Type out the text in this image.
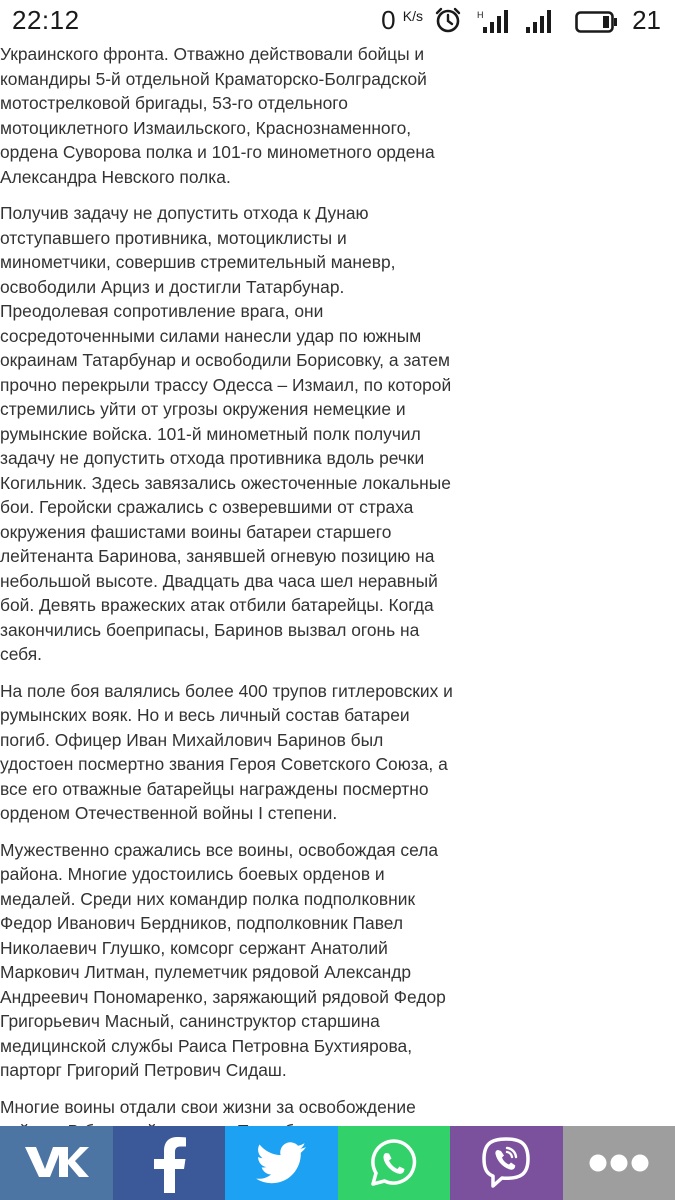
22:12	0 $^{K/s}$	H	21

Украинского фронта. Отважно действовали бойцы и командиры 5-й отдельной Краматорско-Болградской мотострелковой бригады, 53-го отдельного мотоциклетного Измаильского, Краснознаменного, ордена Суворова полка и 101-го минометного ордена Александра Невского полка.

Получив задачу не допустить отхода к Дунаю отступавшего противника, мотоциклисты и минометчики, совершив стремительный маневр, освободили Арциз и достигли Татарбунар. Преодолевая сопротивление врага, они сосредоточенными силами нанесли удар по южным окраинам Татарбунар и освободили Борисовку, а затем прочно перекрыли трассу Одесса – Измаил, по которой стремились уйти от угрозы окружения немецкие и румынские войска. 101-й минометный полк получил задачу не допустить отхода противника вдоль речки Когильник. Здесь завязались ожесточенные локальные бои. Геройски сражались с озверевшими от страха окружения фашистами воины батареи старшего лейтенанта Баринова, занявшей огневую позицию на небольшой высоте. Двадцать два часа шел неравный бой. Девять вражеских атак отбили батарейцы. Когда закончились боеприпасы, Баринов вызвал огонь на себя.

На поле боя валялись более 400 трупов гитлеровских и румынских вояк. Но и весь личный состав батареи погиб. Офицер Иван Михайлович Баринов был удостоен посмертно звания Героя Советского Союза, а все его отважные батарейцы награждены посмертно орденом Отечественной войны I степени.

Мужественно сражались все воины, освобождая села района. Многие удостоились боевых орденов и медалей. Среди них командир полка подполковник Федор Иванович Бердников, подполковник Павел Николаевич Глушко, комсорг сержант Анатолий Маркович Литман, пулеметчик рядовой Александр Андреевич Пономаренко, заряжающий рядовой Федор Григорьевич Масный, санинструктор старшина медицинской службы Раиса Петровна Бухтиярова, парторг Григорий Петрович Сидаш.

Многие воины отдали свои жизни за освобождение
